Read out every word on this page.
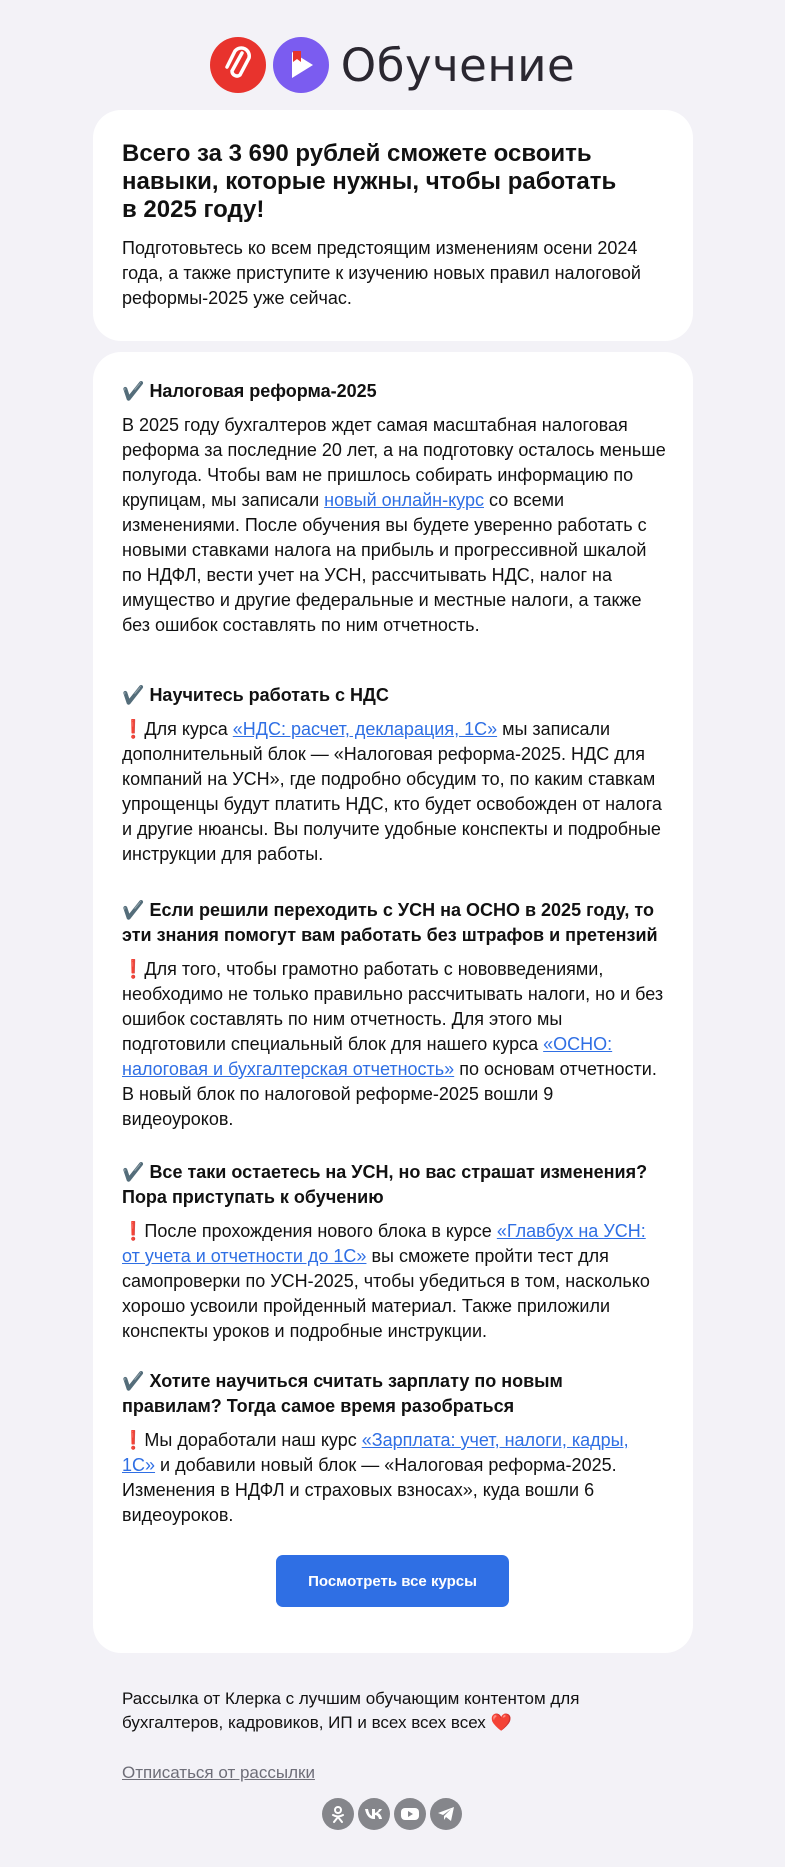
Обучение
Всего за 3 690 рублей сможете освоить навыки, которые нужны, чтобы работать в 2025 году!

Подготовьтесь ко всем предстоящим изменениям осени 2024 года, а также приступите к изучению новых правил налоговой реформы-2025 уже сейчас.

✔️ Налоговая реформа-2025
В 2025 году бухгалтеров ждет самая масштабная налоговая реформа за последние 20 лет, а на подготовку осталось меньше полугода. Чтобы вам не пришлось собирать информацию по крупицам, мы записали новый онлайн-курс со всеми изменениями. После обучения вы будете уверенно работать с новыми ставками налога на прибыль и прогрессивной шкалой по НДФЛ, вести учет на УСН, рассчитывать НДС, налог на имущество и другие федеральные и местные налоги, а также без ошибок составлять по ним отчетность.
✔️ Научитесь работать с НДС
❗Для курса «НДС: расчет, декларация, 1С» мы записали дополнительный блок — «Налоговая реформа-2025. НДС для компаний на УСН», где подробно обсудим то, по каким ставкам упрощенцы будут платить НДС, кто будет освобожден от налога и другие нюансы. Вы получите удобные конспекты и подробные инструкции для работы.
✔️ Если решили переходить с УСН на ОСНО в 2025 году, то эти знания помогут вам работать без штрафов и претензий
❗Для того, чтобы грамотно работать с нововведениями, необходимо не только правильно рассчитывать налоги, но и без ошибок составлять по ним отчетность. Для этого мы подготовили специальный блок для нашего курса «ОСНО: налоговая и бухгалтерская отчетность» по основам отчетности. В новый блок по налоговой реформе-2025 вошли 9 видеоуроков.
✔️ Все таки остаетесь на УСН, но вас страшат изменения? Пора приступать к обучению
❗После прохождения нового блока в курсе «Главбух на УСН: от учета и отчетности до 1С» вы сможете пройти тест для самопроверки по УСН-2025, чтобы убедиться в том, насколько хорошо усвоили пройденный материал. Также приложили конспекты уроков и подробные инструкции.
✔️ Хотите научиться считать зарплату по новым правилам? Тогда самое время разобраться
❗Мы доработали наш курс «Зарплата: учет, налоги, кадры, 1С» и добавили новый блок — «Налоговая реформа-2025. Изменения в НДФЛ и страховых взносах», куда вошли 6 видеоуроков.
Посмотреть все курсы
Рассылка от Клерка с лучшим обучающим контентом для бухгалтеров, кадровиков, ИП и всех всех всех ❤️
Отписаться от рассылки
